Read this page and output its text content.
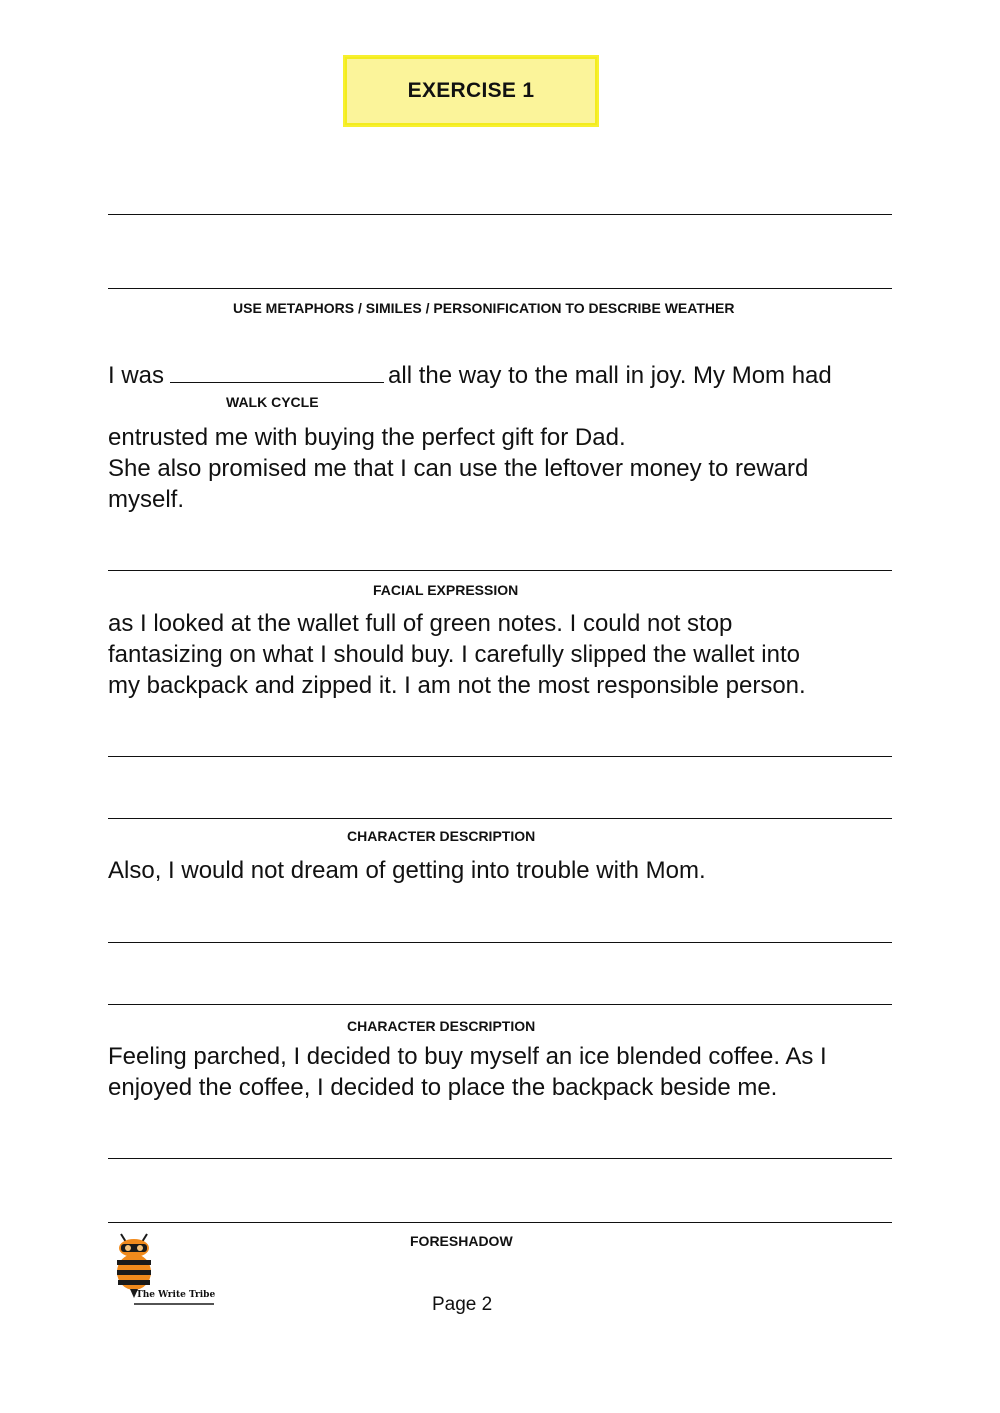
EXERCISE 1
USE METAPHORS / SIMILES / PERSONIFICATION TO DESCRIBE WEATHER
I was	all the way to the mall in joy. My Mom had
WALK CYCLE
entrusted me with buying the perfect gift for Dad.
She also promised me that I can use the leftover money to reward
myself.
FACIAL EXPRESSION
as I looked at the wallet full of green notes. I could not stop
fantasizing on what I should buy. I carefully slipped the wallet into
my backpack and zipped it. I am not the most responsible person.
CHARACTER DESCRIPTION
Also, I would not dream of getting into trouble with Mom.
CHARACTER DESCRIPTION
Feeling parched, I decided to buy myself an ice blended coffee. As I
enjoyed the coffee, I decided to place the backpack beside me.
FORESHADOW
The Write Tribe	Page 2
